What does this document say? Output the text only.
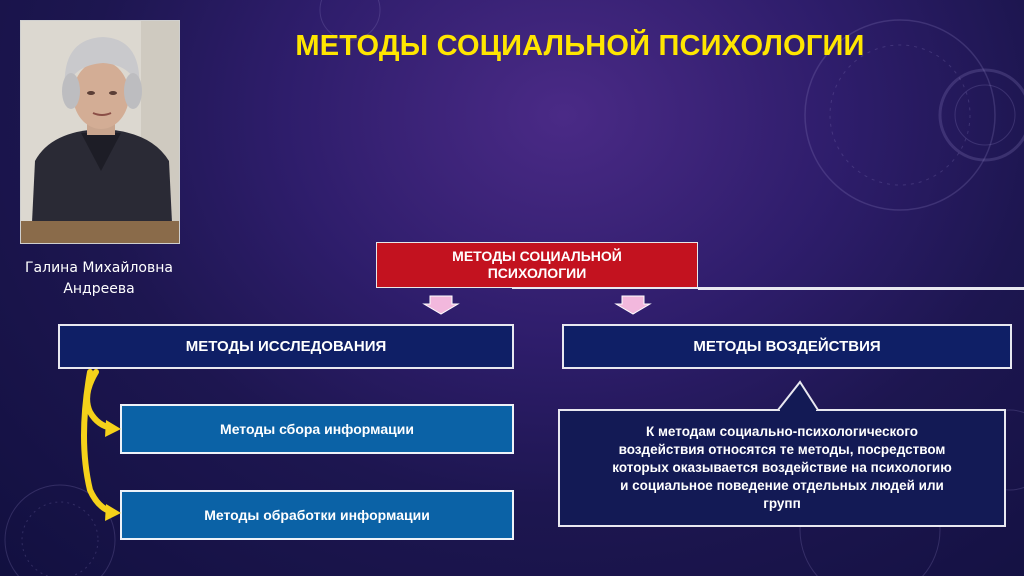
Галина Михайловна
Андреева
МЕТОДЫ СОЦИАЛЬНОЙ ПСИХОЛОГИИ
МЕТОДЫ СОЦИАЛЬНОЙ
ПСИХОЛОГИИ
МЕТОДЫ ИССЛЕДОВАНИЯ	МЕТОДЫ ВОЗДЕЙСТВИЯ
Методы сбора информации
Методы обработки информации
К методам социально-психологического
воздействия относятся те методы, посредством
которых оказывается воздействие на психологию
и социальное поведение отдельных людей или
групп
